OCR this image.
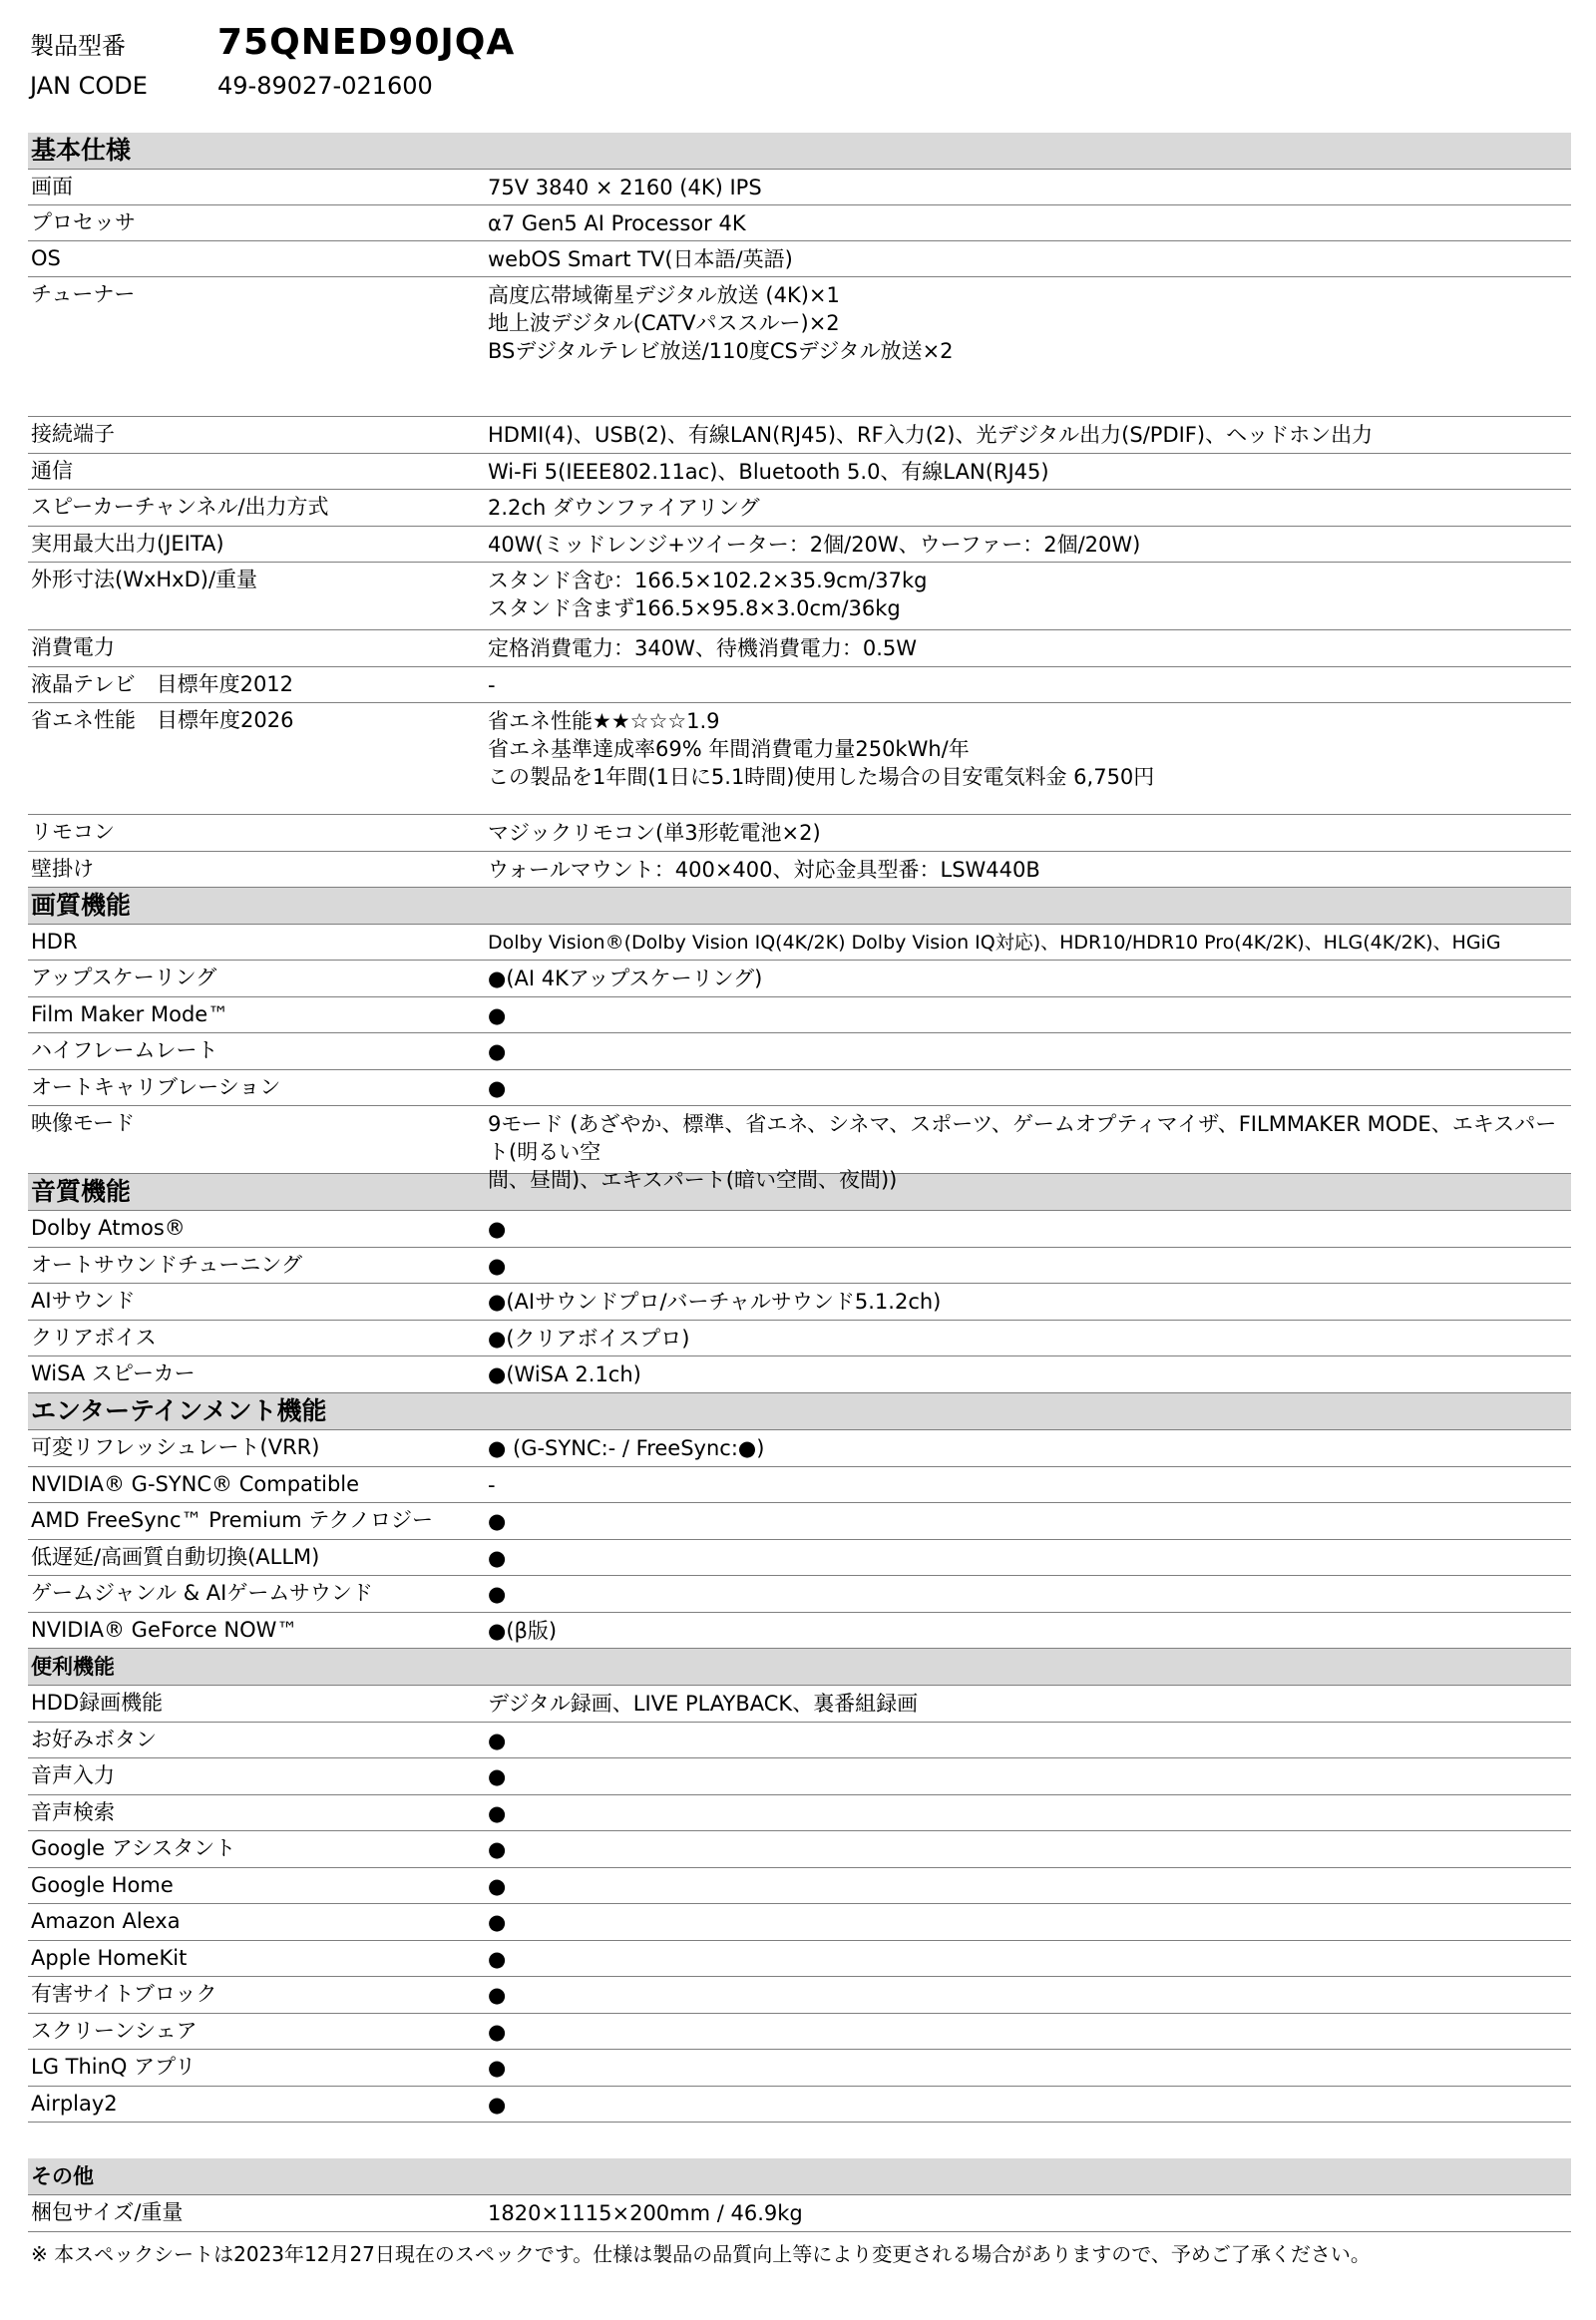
製品型番	75QNED90JQA
JAN CODE	49-89027-021600
基本仕様
画面	75V 3840 × 2160 (4K) IPS
プロセッサ	α7 Gen5 AI Processor 4K
OS	webOS Smart TV(日本語/英語)
チューナー	高度広帯域衛星デジタル放送 (4K)×1
地上波デジタル(CATVパススルー)×2
BSデジタルテレビ放送/110度CSデジタル放送×2
接続端子	HDMI(4)、USB(2)、有線LAN(RJ45)、RF入力(2)、光デジタル出力(S/PDIF)、ヘッドホン出力
通信	Wi-Fi 5(IEEE802.11ac)、Bluetooth 5.0、有線LAN(RJ45)
スピーカーチャンネル/出力方式	2.2ch ダウンファイアリング
実用最大出力(JEITA)	40W(ミッドレンジ+ツイーター：2個/20W、ウーファー：2個/20W)
外形寸法(WxHxD)/重量	スタンド含む：166.5×102.2×35.9cm/37kg
スタンド含まず166.5×95.8×3.0cm/36kg
消費電力	定格消費電力：340W、待機消費電力：0.5W
液晶テレビ　目標年度2012	-
省エネ性能　目標年度2026	省エネ性能★★☆☆☆1.9
省エネ基準達成率69% 年間消費電力量250kWh/年
この製品を1年間(1日に5.1時間)使用した場合の目安電気料金 6,750円
リモコン	マジックリモコン(単3形乾電池×2)
壁掛け	ウォールマウント：400×400、対応金具型番：LSW440B
画質機能
HDR	Dolby Vision®(Dolby Vision IQ(4K/2K) Dolby Vision IQ対応)、HDR10/HDR10 Pro(4K/2K)、HLG(4K/2K)、HGiG
アップスケーリング	●(AI 4Kアップスケーリング)
Film Maker Mode™	●
ハイフレームレート	●
オートキャリブレーション	●
映像モード	9モード (あざやか、標準、省エネ、シネマ、スポーツ、ゲームオプティマイザ、FILMMAKER MODE、エキスパート(明るい空
間、昼間)、エキスパート(暗い空間、夜間))
音質機能
Dolby Atmos®	●
オートサウンドチューニング	●
AIサウンド	●(AIサウンドプロ/バーチャルサウンド5.1.2ch)
クリアボイス	●(クリアボイスプロ)
WiSA スピーカー	●(WiSA 2.1ch)
エンターテインメント機能
可変リフレッシュレート(VRR)	● (G-SYNC:- / FreeSync:●)
NVIDIA® G-SYNC® Compatible	-
AMD FreeSync™ Premium テクノロジー	●
低遅延/高画質自動切換(ALLM)	●
ゲームジャンル & AIゲームサウンド	●
NVIDIA® GeForce NOW™	●(β版)
便利機能
HDD録画機能	デジタル録画、LIVE PLAYBACK、裏番組録画
お好みボタン	●
音声入力	●
音声検索	●
Google アシスタント	●
Google Home	●
Amazon Alexa	●
Apple HomeKit	●
有害サイトブロック	●
スクリーンシェア	●
LG ThinQ アプリ	●
Airplay2	●
その他
梱包サイズ/重量	1820×1115×200mm / 46.9kg
※ 本スペックシートは2023年12月27日現在のスペックです。仕様は製品の品質向上等により変更される場合がありますので、予めご了承ください。
